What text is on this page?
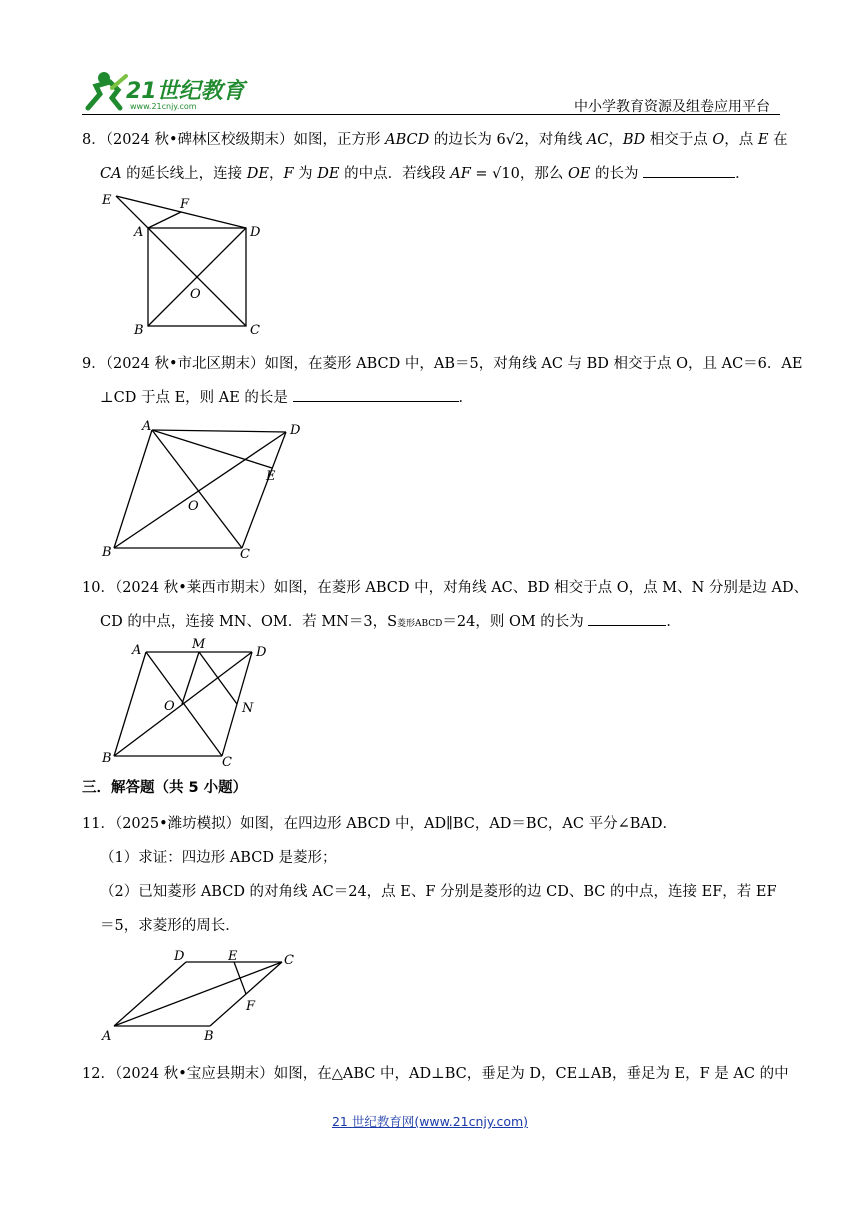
21世纪教育
www.21cnjy.com	中小学教育资源及组卷应用平台
8．（2024 秋•碑林区校级期末）如图，正方形 ABCD 的边长为 6√2，对角线 AC，BD 相交于点 O，点 E 在
CA 的延长线上，连接 DE，F 为 DE 的中点．若线段 AF = √10，那么 OE 的长为	．
E	F
A	D
O
B	C
9．（2024 秋•市北区期末）如图，在菱形 ABCD 中，AB＝5，对角线 AC 与 BD 相交于点 O，且 AC＝6．AE
⊥CD 于点 E，则 AE 的长是	．
A	D
E
O
B	C
10．（2024 秋•莱西市期末）如图，在菱形 ABCD 中，对角线 AC、BD 相交于点 O，点 M、N 分别是边 AD、
CD 的中点，连接 MN、OM．若 MN＝3，S菱形ABCD＝24，则 OM 的长为	．
A	M
D
O	N
B	C
三．解答题（共 5 小题）
11．（2025•潍坊模拟）如图，在四边形 ABCD 中，AD∥BC，AD＝BC，AC 平分∠BAD．
（1）求证：四边形 ABCD 是菱形；
（2）已知菱形 ABCD 的对角线 AC＝24，点 E、F 分别是菱形的边 CD、BC 的中点，连接 EF，若 EF
＝5，求菱形的周长．
D	E	C
F
A	B
12．（2024 秋•宝应县期末）如图，在△ABC 中，AD⊥BC，垂足为 D，CE⊥AB，垂足为 E，F 是 AC 的中
21 世纪教育网(www.21cnjy.com)
